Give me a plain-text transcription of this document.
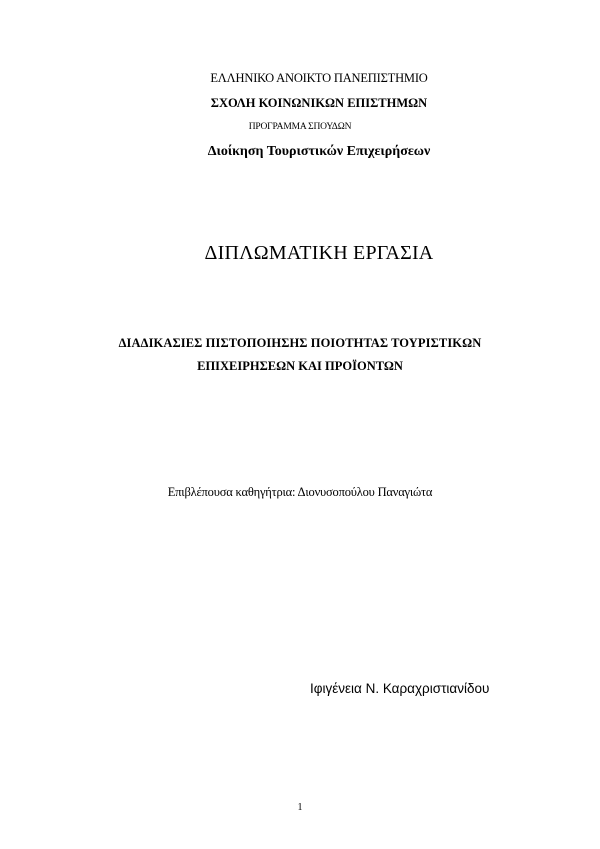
ΕΛΛΗΝΙΚΟ ΑΝΟΙΚΤΟ ΠΑΝΕΠΙΣΤΗΜΙΟ
ΣΧΟΛΗ ΚΟΙΝΩΝΙΚΩΝ ΕΠΙΣΤΗΜΩΝ
ΠΡΟΓΡΑΜΜΑ ΣΠΟΥΔΩΝ
Διοίκηση Τουριστικών Επιχειρήσεων
ΔΙΠΛΩΜΑΤΙΚΗ ΕΡΓΑΣΙΑ
ΔΙΑΔΙΚΑΣΙΕΣ ΠΙΣΤΟΠΟΙΗΣΗΣ ΠΟΙΟΤΗΤΑΣ ΤΟΥΡΙΣΤΙΚΩΝ
ΕΠΙΧΕΙΡΗΣΕΩΝ ΚΑΙ ΠΡΟΪΟΝΤΩΝ
Επιβλέπουσα καθηγήτρια: Διονυσοπούλου Παναγιώτα
Ιφιγένεια Ν. Καραχριστιανίδου
1
